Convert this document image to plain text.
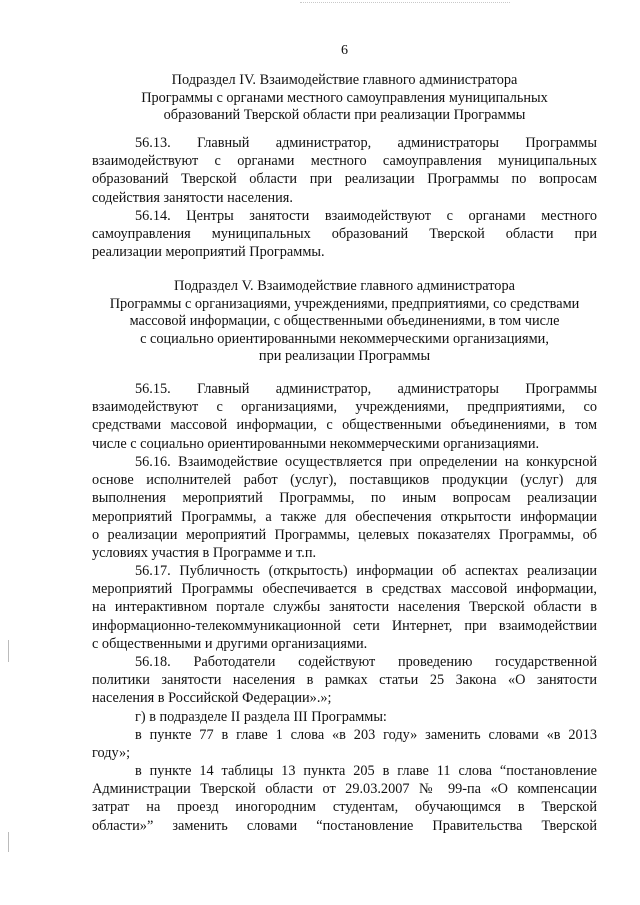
6
Подраздел IV. Взаимодействие главного администратора
Программы с органами местного самоуправления муниципальных
образований Тверской области при реализации Программы
56.13. Главный администратор, администраторы Программы
взаимодействуют с органами местного самоуправления муниципальных
образований Тверской области при реализации Программы по вопросам
содействия занятости населения.
56.14. Центры занятости взаимодействуют с органами местного
самоуправления муниципальных образований Тверской области при
реализации мероприятий Программы.
Подраздел V. Взаимодействие главного администратора
Программы с организациями, учреждениями, предприятиями, со средствами
массовой информации, с общественными объединениями, в том числе
с социально ориентированными некоммерческими организациями,
при реализации Программы
56.15. Главный администратор, администраторы Программы
взаимодействуют с организациями, учреждениями, предприятиями, со
средствами массовой информации, с общественными объединениями, в том
числе с социально ориентированными некоммерческими организациями.
56.16. Взаимодействие осуществляется при определении на конкурсной
основе исполнителей работ (услуг), поставщиков продукции (услуг) для
выполнения мероприятий Программы, по иным вопросам реализации
мероприятий Программы, а также для обеспечения открытости информации
о реализации мероприятий Программы, целевых показателях Программы, об
условиях участия в Программе и т.п.
56.17. Публичность (открытость) информации об аспектах реализации
мероприятий Программы обеспечивается в средствах массовой информации,
на интерактивном портале службы занятости населения Тверской области в
информационно-телекоммуникационной сети Интернет, при взаимодействии
с общественными и другими организациями.
56.18. Работодатели содействуют проведению государственной
политики занятости населения в рамках статьи 25 Закона «О занятости
населения в Российской Федерации».»;
г) в подразделе II раздела III Программы:
в пункте 77 в главе 1 слова «в 203 году» заменить словами «в 2013
году»;
в пункте 14 таблицы 13 пункта 205 в главе 11 слова “постановление
Администрации Тверской области от 29.03.2007 № 99-па «О компенсации
затрат на проезд иногородним студентам, обучающимся в Тверской
области»” заменить словами “постановление Правительства Тверской
